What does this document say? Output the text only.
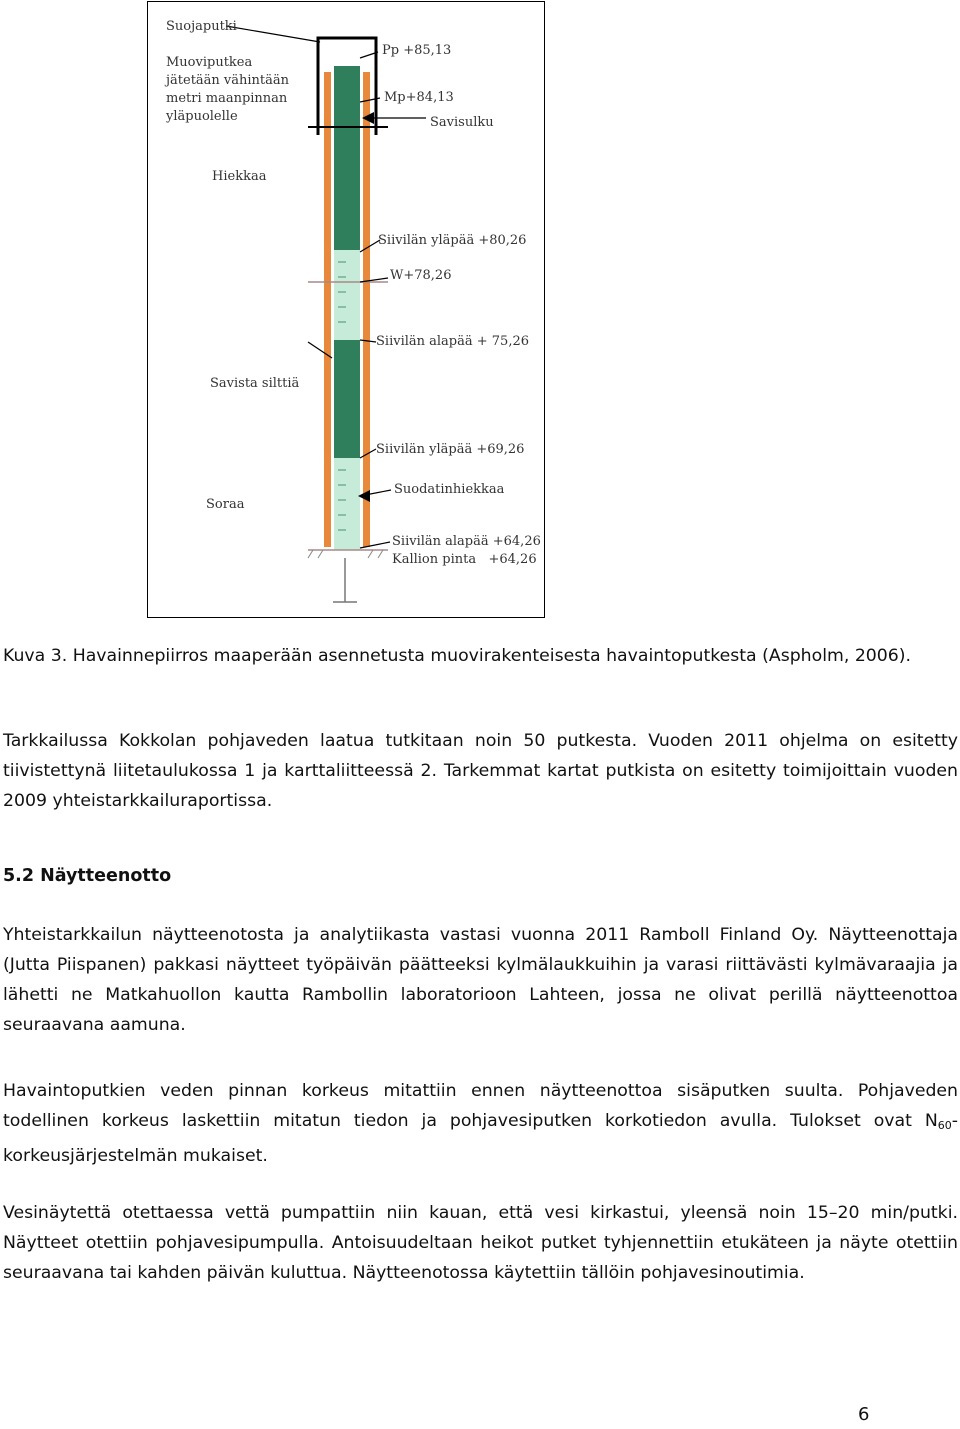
Suojaputki
Muoviputkea
jätetään vähintään
metri maanpinnan
yläpuolelle
Hiekkaa
Savista silttiä
Soraa
Pp +85,13
Mp+84,13
Savisulku
Siivilän yläpää +80,26
W+78,26
Siivilän alapää + 75,26
Siivilän yläpää +69,26
Suodatinhiekkaa
Siivilän alapää +64,26
Kallion pinta   +64,26

Kuva 3. Havainnepiirros maaperään asennetusta muovirakenteisesta havaintoputkesta (Aspholm, 2006).

Tarkkailussa Kokkolan pohjaveden laatua tutkitaan noin 50 putkesta. Vuoden 2011 ohjelma on esitetty tiivistettynä liitetaulukossa 1 ja karttaliitteessä 2. Tarkemmat kartat putkista on esitetty toimijoittain vuoden 2009 yhteistarkkailuraportissa.

5.2 Näytteenotto

Yhteistarkkailun näytteenotosta ja analytiikasta vastasi vuonna 2011 Ramboll Finland Oy. Näytteenottaja (Jutta Piispanen) pakkasi näytteet työpäivän päätteeksi kylmälaukkuihin ja varasi riittävästi kylmävaraajia ja lähetti ne Matkahuollon kautta Rambollin laboratorioon Lahteen, jossa ne olivat perillä näytteenottoa seuraavana aamuna.

Havaintoputkien veden pinnan korkeus mitattiin ennen näytteenottoa sisäputken suulta. Pohjaveden todellinen korkeus laskettiin mitatun tiedon ja pohjavesiputken korkotiedon avulla. Tulokset ovat $N_{60}$-korkeusjärjestelmän mukaiset.

Vesinäytettä otettaessa vettä pumpattiin niin kauan, että vesi kirkastui, yleensä noin 15–20 min/putki. Näytteet otettiin pohjavesipumpulla. Antoisuudeltaan heikot putket tyhjennettiin etukäteen ja näyte otettiin seuraavana tai kahden päivän kuluttua. Näytteenotossa käytettiin tällöin pohjavesinoutimia.

6
